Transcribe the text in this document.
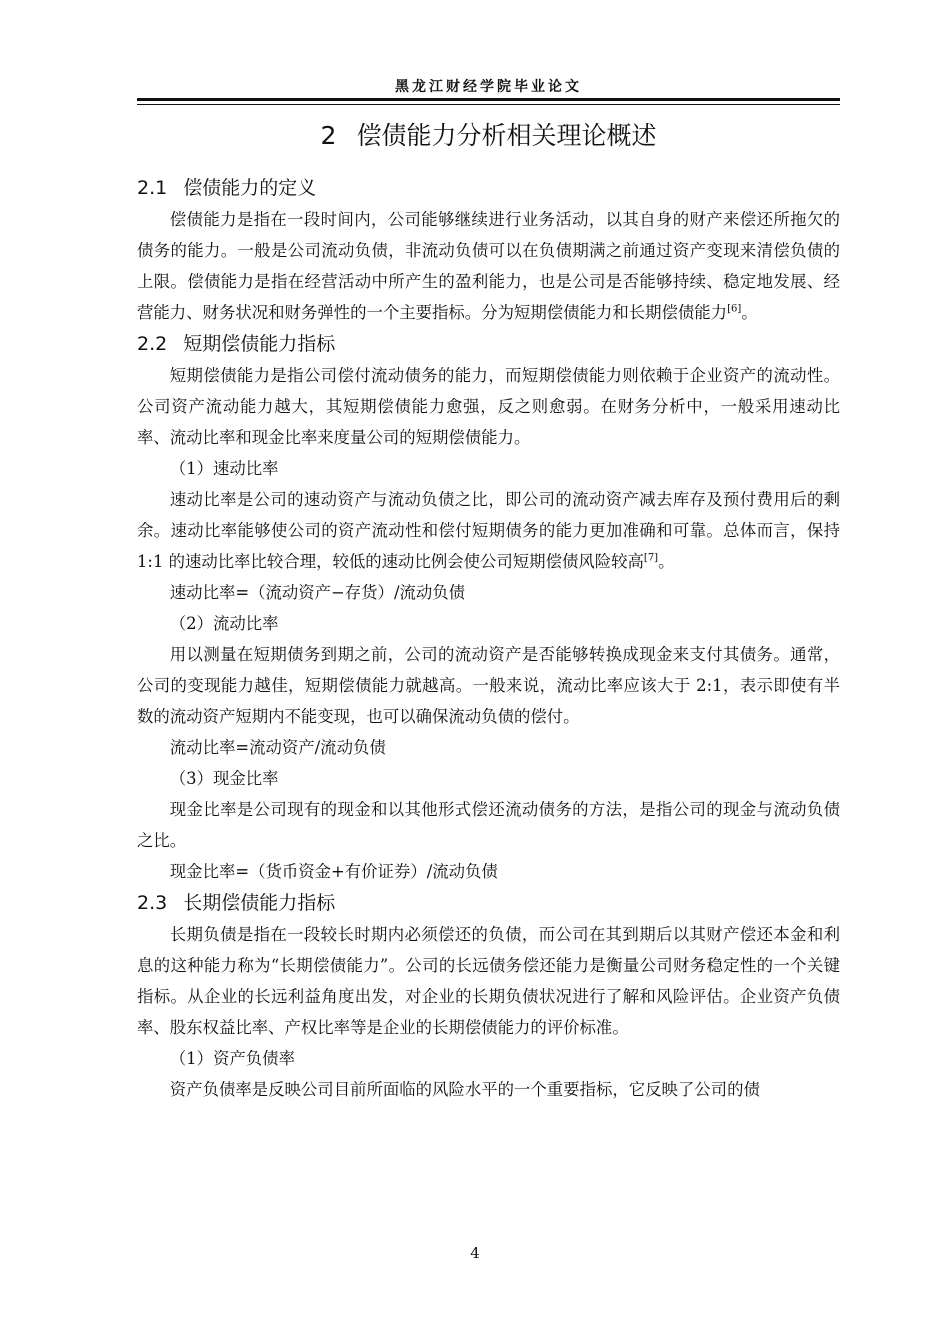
黑龙江财经学院毕业论文
2 偿债能力分析相关理论概述

2.1 偿债能力的定义

偿债能力是指在一段时间内，公司能够继续进行业务活动，以其自身的财产来偿还所拖欠的债务的能力。一般是公司流动负债，非流动负债可以在负债期满之前通过资产变现来清偿负债的上限。偿债能力是指在经营活动中所产生的盈利能力，也是公司是否能够持续、稳定地发展、经营能力、财务状况和财务弹性的一个主要指标。分为短期偿债能力和长期偿债能力[6]。

2.2 短期偿债能力指标

短期偿债能力是指公司偿付流动债务的能力，而短期偿债能力则依赖于企业资产的流动性。公司资产流动能力越大，其短期偿债能力愈强，反之则愈弱。在财务分析中，一般采用速动比率、流动比率和现金比率来度量公司的短期偿债能力。

（1）速动比率

速动比率是公司的速动资产与流动负债之比，即公司的流动资产减去库存及预付费用后的剩余。速动比率能够使公司的资产流动性和偿付短期债务的能力更加准确和可靠。总体而言，保持 1:1 的速动比率比较合理，较低的速动比例会使公司短期偿债风险较高[7]。

速动比率=（流动资产−存货）/流动负债

（2）流动比率

用以测量在短期债务到期之前，公司的流动资产是否能够转换成现金来支付其债务。通常，公司的变现能力越佳，短期偿债能力就越高。一般来说，流动比率应该大于 2:1，表示即使有半数的流动资产短期内不能变现，也可以确保流动负债的偿付。

流动比率=流动资产/流动负债

（3）现金比率

现金比率是公司现有的现金和以其他形式偿还流动债务的方法，是指公司的现金与流动负债之比。

现金比率=（货币资金+有价证券）/流动负债

2.3 长期偿债能力指标

长期负债是指在一段较长时期内必须偿还的负债，而公司在其到期后以其财产偿还本金和利息的这种能力称为“长期偿债能力”。公司的长远债务偿还能力是衡量公司财务稳定性的一个关键指标。从企业的长远利益角度出发，对企业的长期负债状况进行了解和风险评估。企业资产负债率、股东权益比率、产权比率等是企业的长期偿债能力的评价标准。

（1）资产负债率

资产负债率是反映公司目前所面临的风险水平的一个重要指标，它反映了公司的债

4
